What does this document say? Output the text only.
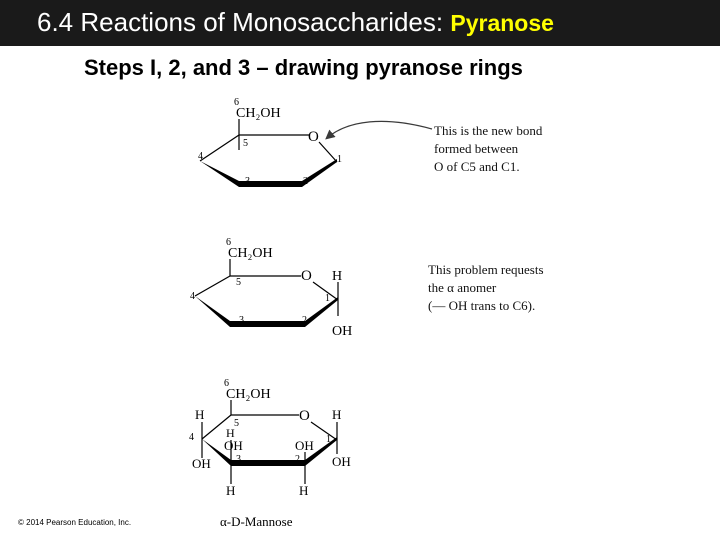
6.4 Reactions of Monosaccharides: Pyranose
Steps I, 2, and 3 – drawing pyranose rings
6
CH₂OH
O
5
4
3	2
1
This is the new bond
formed between
O of C5 and C1.
6
CH₂OH
O H
OH
5
4
3	2
1
This problem requests
the α anomer
(— OH trans to C6).
6
CH₂OH
O
H
OH
H
OH
H
OH
H
OH
H
5
4
3	2
1
α-D-Mannose
© 2014 Pearson Education, Inc.
